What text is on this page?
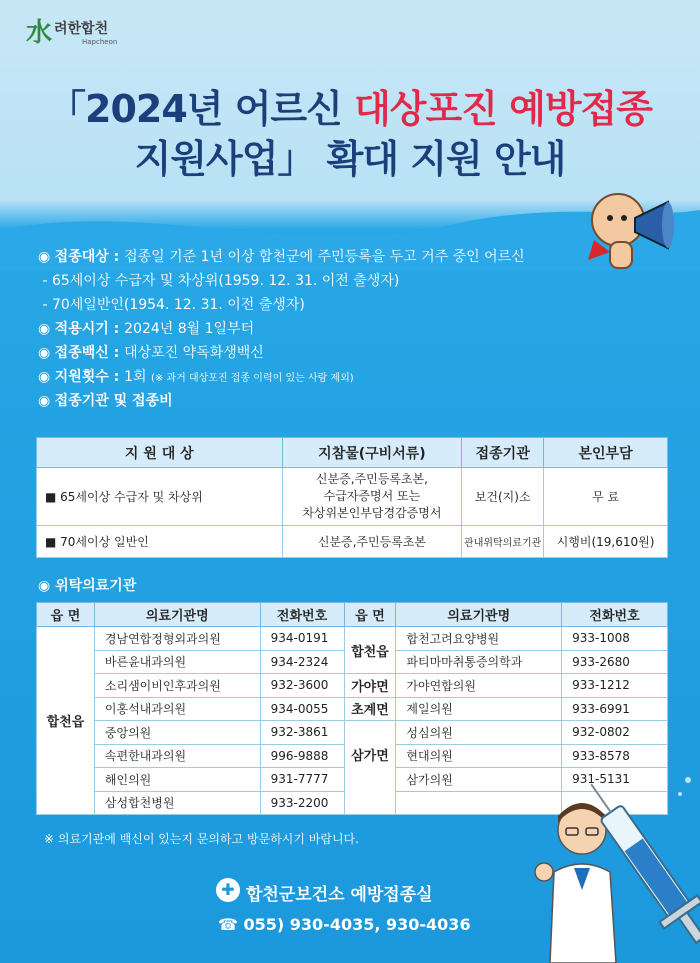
水 려한합천
Hapcheon
「2024년 어르신 대상포진 예방접종
지원사업」 확대 지원 안내
◉ 접종대상 : 접종일 기준 1년 이상 합천군에 주민등록을 두고 거주 중인 어르신
- 65세이상 수급자 및 차상위(1959. 12. 31. 이전 출생자)
- 70세일반인(1954. 12. 31. 이전 출생자)
◉ 적용시기 : 2024년 8월 1일부터
◉ 접종백신 : 대상포진 약독화생백신
◉ 지원횟수 : 1회 (※ 과거 대상포진 접종 이력이 있는 사람 제외)
◉ 접종기관 및 접종비
지 원 대 상	지참물(구비서류)	접종기관	본인부담
■ 65세이상 수급자 및 차상위	신분증,주민등록초본,
수급자증명서 또는
차상위본인부담경감증명서	보건(지)소	무 료
■ 70세이상 일반인	신분증,주민등록초본	관내위탁의료기관	시행비(19,610원)
◉ 위탁의료기관
읍 면	의료기관명	전화번호	읍 면	의료기관명	전화번호
합천읍	경남연합정형외과의원	934-0191	합천읍	합천고려요양병원	933-1008
	바른윤내과의원	934-2324		파티마마취통증의학과	933-2680
	소리샘이비인후과의원	932-3600	가야면	가야연합의원	933-1212
	이홍석내과의원	934-0055	초계면	제일의원	933-6991
	중앙의원	932-3861	삼가면	성심의원	932-0802
	속편한내과의원	996-9888		현대의원	933-8578
	해인의원	931-7777		삼가의원	931-5131
	삼성합천병원	933-2200			
※ 의료기관에 백신이 있는지 문의하고 방문하시기 바랍니다.
✚ 합천군보건소 예방접종실
☎ 055) 930-4035, 930-4036
